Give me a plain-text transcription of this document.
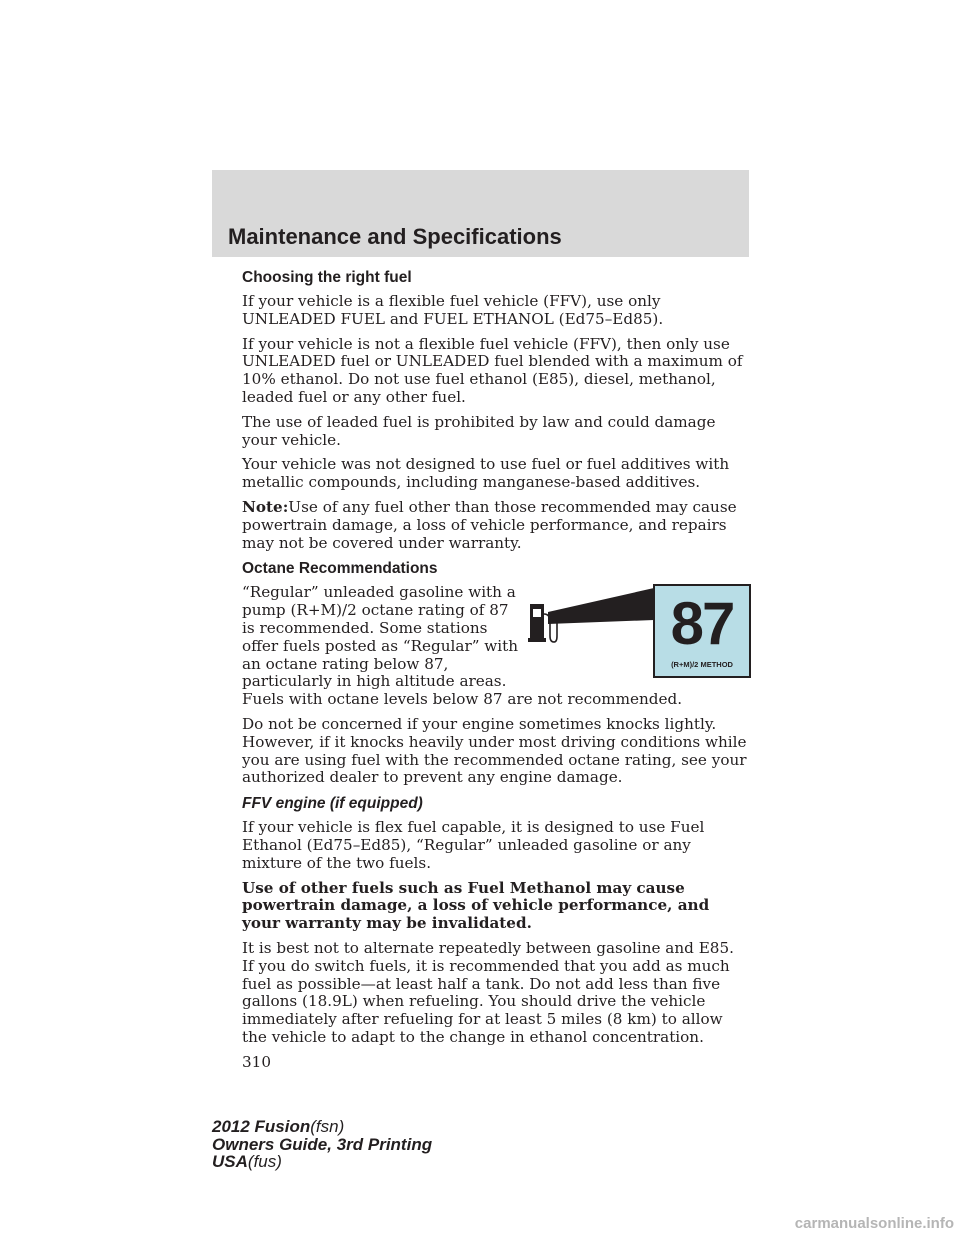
Maintenance and Specifications
Choosing the right fuel

If your vehicle is a flexible fuel vehicle (FFV), use only UNLEADED FUEL and FUEL ETHANOL (Ed75–Ed85).

If your vehicle is not a flexible fuel vehicle (FFV), then only use UNLEADED fuel or UNLEADED fuel blended with a maximum of 10% ethanol. Do not use fuel ethanol (E85), diesel, methanol, leaded fuel or any other fuel.

The use of leaded fuel is prohibited by law and could damage your vehicle.

Your vehicle was not designed to use fuel or fuel additives with metallic compounds, including manganese-based additives.

Note:Use of any fuel other than those recommended may cause powertrain damage, a loss of vehicle performance, and repairs may not be covered under warranty.

Octane Recommendations
87
(R+M)/2 METHOD

“Regular” unleaded gasoline with a pump (R+M)/2 octane rating of 87 is recommended. Some stations offer fuels posted as “Regular” with an octane rating below 87, particularly in high altitude areas. Fuels with octane levels below 87 are not recommended.

Do not be concerned if your engine sometimes knocks lightly. However, if it knocks heavily under most driving conditions while you are using fuel with the recommended octane rating, see your authorized dealer to prevent any engine damage.

FFV engine (if equipped)

If your vehicle is flex fuel capable, it is designed to use Fuel Ethanol (Ed75–Ed85), “Regular” unleaded gasoline or any mixture of the two fuels.

Use of other fuels such as Fuel Methanol may cause powertrain damage, a loss of vehicle performance, and your warranty may be invalidated.

It is best not to alternate repeatedly between gasoline and E85. If you do switch fuels, it is recommended that you add as much fuel as possible—at least half a tank. Do not add less than five gallons (18.9L) when refueling. You should drive the vehicle immediately after refueling for at least 5 miles (8 km) to allow the vehicle to adapt to the change in ethanol concentration.

310

2012 Fusion(fsn)
Owners Guide, 3rd Printing
USA(fus)
carmanualsonline.info
